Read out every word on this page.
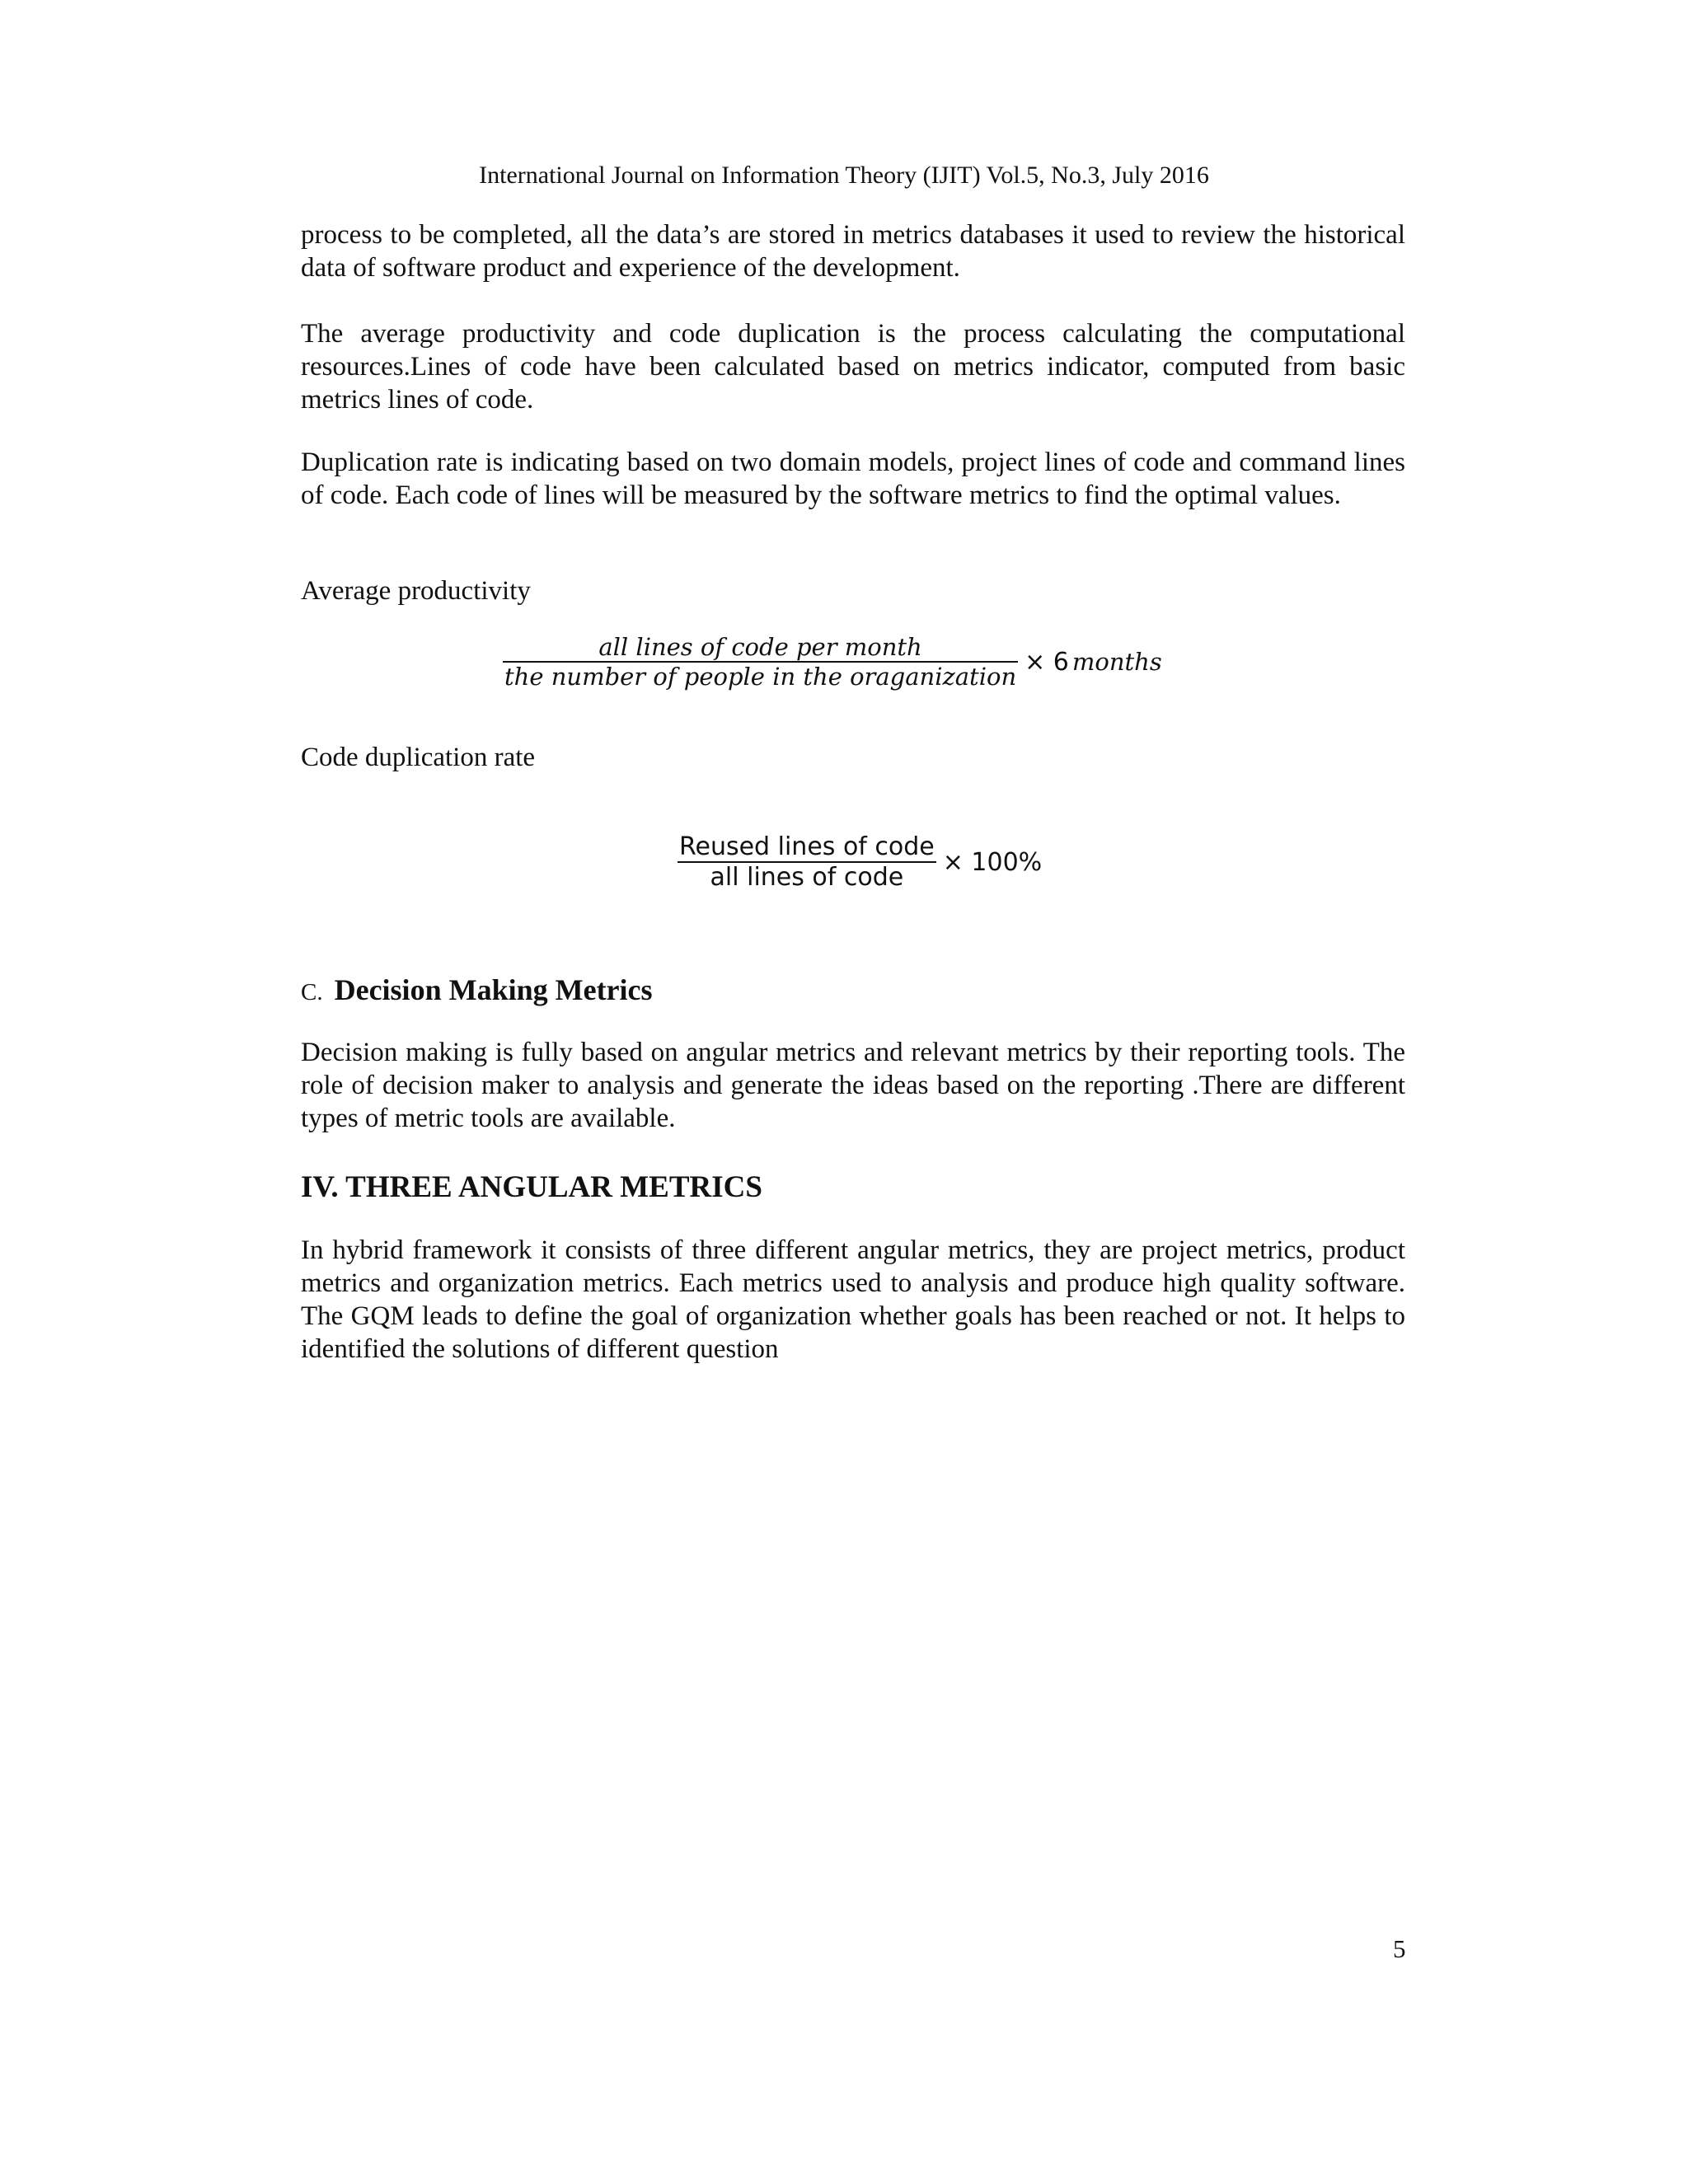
International Journal on Information Theory (IJIT) Vol.5, No.3, July 2016

process to be completed, all the data’s are stored in metrics databases it used to review the historical data of software product and experience of the development.

The average productivity and code duplication is the process calculating the computational resources.Lines of code have been calculated based on metrics indicator, computed from basic metrics lines of code.

Duplication rate is indicating based on two domain models, project lines of code and command lines of code. Each code of lines will be measured by the software metrics to find the optimal values.

Average productivity
$\frac{\text{all lines of code per month}}{\text{the number of people in the oraganization}} \times 6$ months
Code duplication rate
$\frac{\text{Reused lines of code}}{\text{all lines of code}} \times 100\%$
C. Decision Making Metrics

Decision making is fully based on angular metrics and relevant metrics by their reporting tools. The role of decision maker to analysis and generate the ideas based on the reporting .There are different types of metric tools are available.

IV. THREE ANGULAR METRICS

In hybrid framework it consists of three different angular metrics, they are project metrics, product metrics and organization metrics. Each metrics used to analysis and produce high quality software. The GQM leads to define the goal of organization whether goals has been reached or not. It helps to identified the solutions of different question

5
